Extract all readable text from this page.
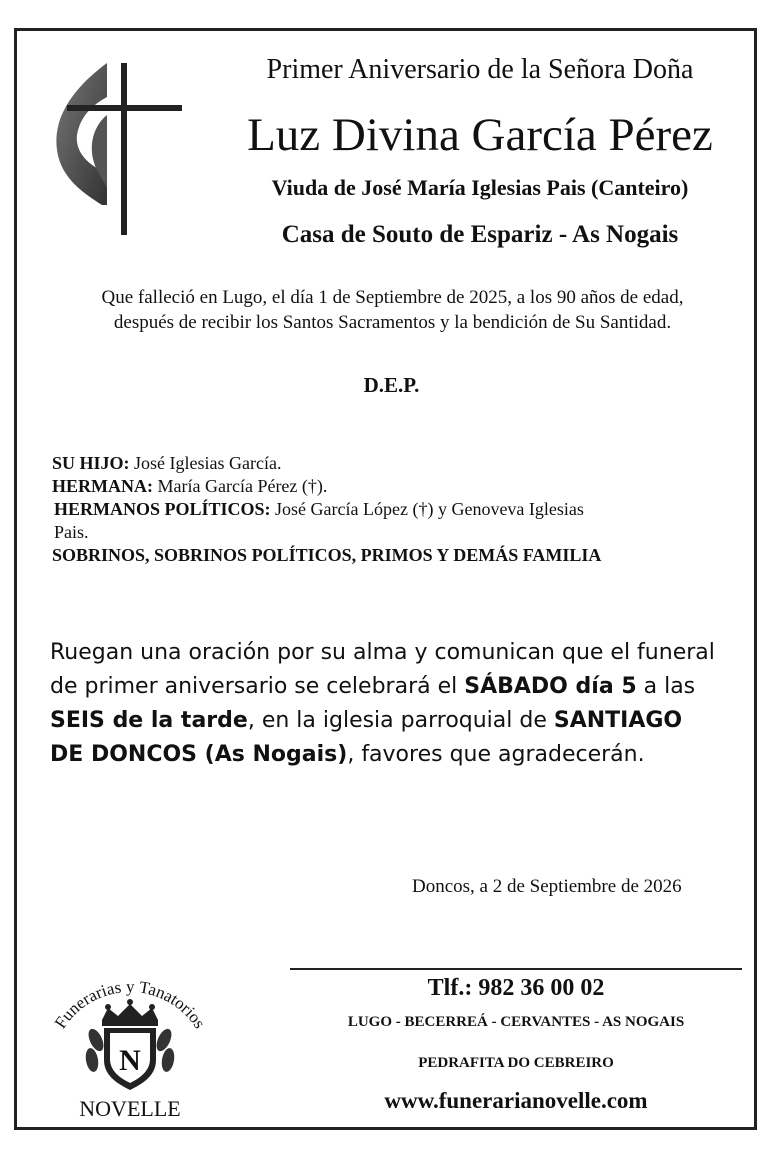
Primer Aniversario de la Señora Doña
Luz Divina García Pérez
Viuda de José María Iglesias Pais (Canteiro)
Casa de Souto de Espariz - As Nogais
Que falleció en Lugo, el día 1 de Septiembre de 2025, a los 90 años de edad,
después de recibir los Santos Sacramentos y la bendición de Su Santidad.
D.E.P.
SU HIJO: José Iglesias García.
HERMANA: María García Pérez (†).
HERMANOS POLÍTICOS: José García López (†) y Genoveva Iglesias
Pais.
SOBRINOS, SOBRINOS POLÍTICOS, PRIMOS Y DEMÁS FAMILIA
Ruegan una oración por su alma y comunican que el funeral
de primer aniversario se celebrará el SÁBADO día 5 a las
SEIS de la tarde, en la iglesia parroquial de SANTIAGO
DE DONCOS (As Nogais), favores que agradecerán.
Doncos, a 2 de Septiembre de 2026
Tlf.: 982 36 00 02
LUGO - BECERREÁ - CERVANTES - AS NOGAIS
PEDRAFITA DO CEBREIRO
www.funerarianovelle.com
Funerarias y Tanatorios
N
NOVELLE
